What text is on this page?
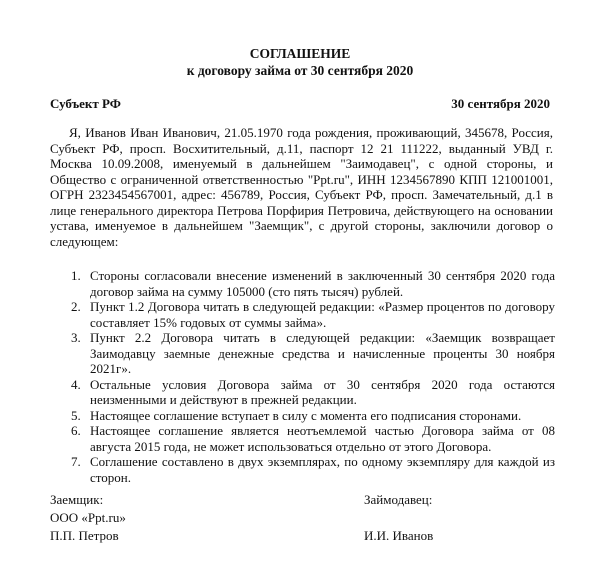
СОГЛАШЕНИЕ
к договору займа от 30 сентября 2020
Субъект РФ	30 сентября 2020

Я, Иванов Иван Иванович, 21.05.1970 года рождения, проживающий, 345678, Россия, Субъект РФ, просп. Восхитительный, д.11, паспорт 12 21 111222, выданный УВД г. Москва 10.09.2008, именуемый в дальнейшем "Заимодавец", с одной стороны, и Общество с ограниченной ответственностью "Ppt.ru", ИНН 1234567890 КПП 121001001, ОГРН 2323454567001, адрес: 456789, Россия, Субъект РФ, просп. Замечательный, д.1 в лице генерального директора Петрова Порфирия Петровича, действующего на основании устава, именуемое в дальнейшем "Заемщик", с другой стороны, заключили договор о следующем:

1. Стороны согласовали внесение изменений в заключенный 30 сентября 2020 года договор займа на сумму 105000 (сто пять тысяч) рублей.
2. Пункт 1.2 Договора читать в следующей редакции: «Размер процентов по договору составляет 15% годовых от суммы займа».
3. Пункт 2.2 Договора читать в следующей редакции: «Заемщик возвращает Заимодавцу заемные денежные средства и начисленные проценты 30 ноября 2021г».
4. Остальные условия Договора займа от 30 сентября 2020 года остаются неизменными и действуют в прежней редакции.
5. Настоящее соглашение вступает в силу с момента его подписания сторонами.
6. Настоящее соглашение является неотъемлемой частью Договора займа от 08 августа 2015 года, не может использоваться отдельно от этого Договора.
7. Соглашение составлено в двух экземплярах, по одному экземпляру для каждой из сторон.
Заемщик:
ООО «Ppt.ru»
П.П. Петров
Займодавец:
И.И. Иванов
